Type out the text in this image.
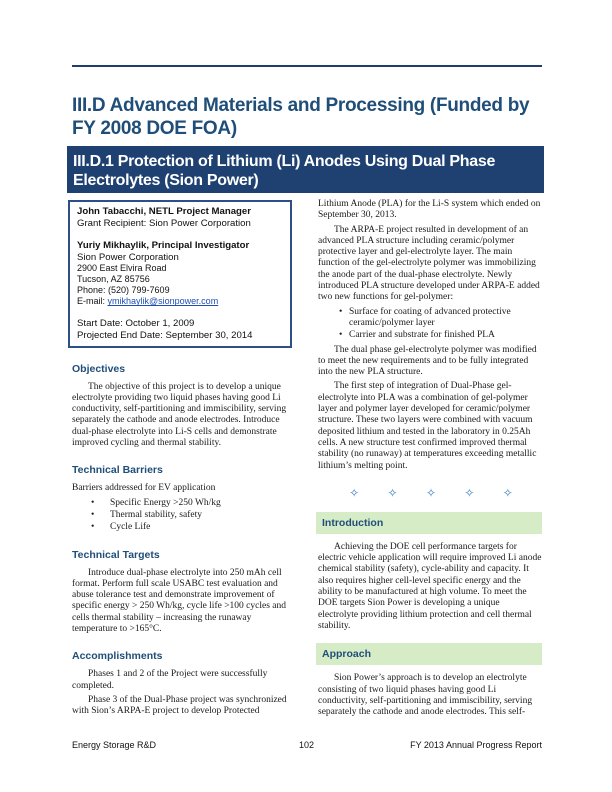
III.D Advanced Materials and Processing (Funded by FY 2008 DOE FOA)
III.D.1 Protection of Lithium (Li) Anodes Using Dual Phase Electrolytes (Sion Power)
John Tabacchi, NETL Project Manager
Grant Recipient: Sion Power Corporation
Yuriy Mikhaylik, Principal Investigator
Sion Power Corporation
2900 East Elvira Road
Tucson, AZ 85756
Phone: (520) 799-7609
E-mail: ymikhaylik@sionpower.com
Start Date: October 1, 2009
Projected End Date: September 30, 2014
Objectives

The objective of this project is to develop a unique electrolyte providing two liquid phases having good Li conductivity, self-partitioning and immiscibility, serving separately the cathode and anode electrodes. Introduce dual-phase electrolyte into Li-S cells and demonstrate improved cycling and thermal stability.

Technical Barriers

Barriers addressed for EV application

• Specific Energy >250 Wh/kg
• Thermal stability, safety
• Cycle Life
Technical Targets

Introduce dual-phase electrolyte into 250 mAh cell format. Perform full scale USABC test evaluation and abuse tolerance test and demonstrate improvement of specific energy > 250 Wh/kg, cycle life >100 cycles and cells thermal stability – increasing the runaway temperature to >165°C.

Accomplishments

Phases 1 and 2 of the Project were successfully completed.

Phase 3 of the Dual-Phase project was synchronized with Sion’s ARPA-E project to develop Protected

Lithium Anode (PLA) for the Li-S system which ended on September 30, 2013.

The ARPA-E project resulted in development of an advanced PLA structure including ceramic/polymer protective layer and gel-electrolyte layer. The main function of the gel-electrolyte polymer was immobilizing the anode part of the dual-phase electrolyte. Newly introduced PLA structure developed under ARPA-E added two new functions for gel-polymer:

• Surface for coating of advanced protective ceramic/polymer layer
• Carrier and substrate for finished PLA

The dual phase gel-electrolyte polymer was modified to meet the new requirements and to be fully integrated into the new PLA structure.

The first step of integration of Dual-Phase gel-electrolyte into PLA was a combination of gel-polymer layer and polymer layer developed for ceramic/polymer structure. These two layers were combined with vacuum deposited lithium and tested in the laboratory in 0.25Ah cells. A new structure test confirmed improved thermal stability (no runaway) at temperatures exceeding metallic lithium’s melting point.

✧ ✧ ✧ ✧ ✧
Introduction

Achieving the DOE cell performance targets for electric vehicle application will require improved Li anode chemical stability (safety), cycle-ability and capacity. It also requires higher cell-level specific energy and the ability to be manufactured at high volume. To meet the DOE targets Sion Power is developing a unique electrolyte providing lithium protection and cell thermal stability.

Approach

Sion Power’s approach is to develop an electrolyte consisting of two liquid phases having good Li conductivity, self-partitioning and immiscibility, serving separately the cathode and anode electrodes. This self-

Energy Storage R&D	102	FY 2013 Annual Progress Report
